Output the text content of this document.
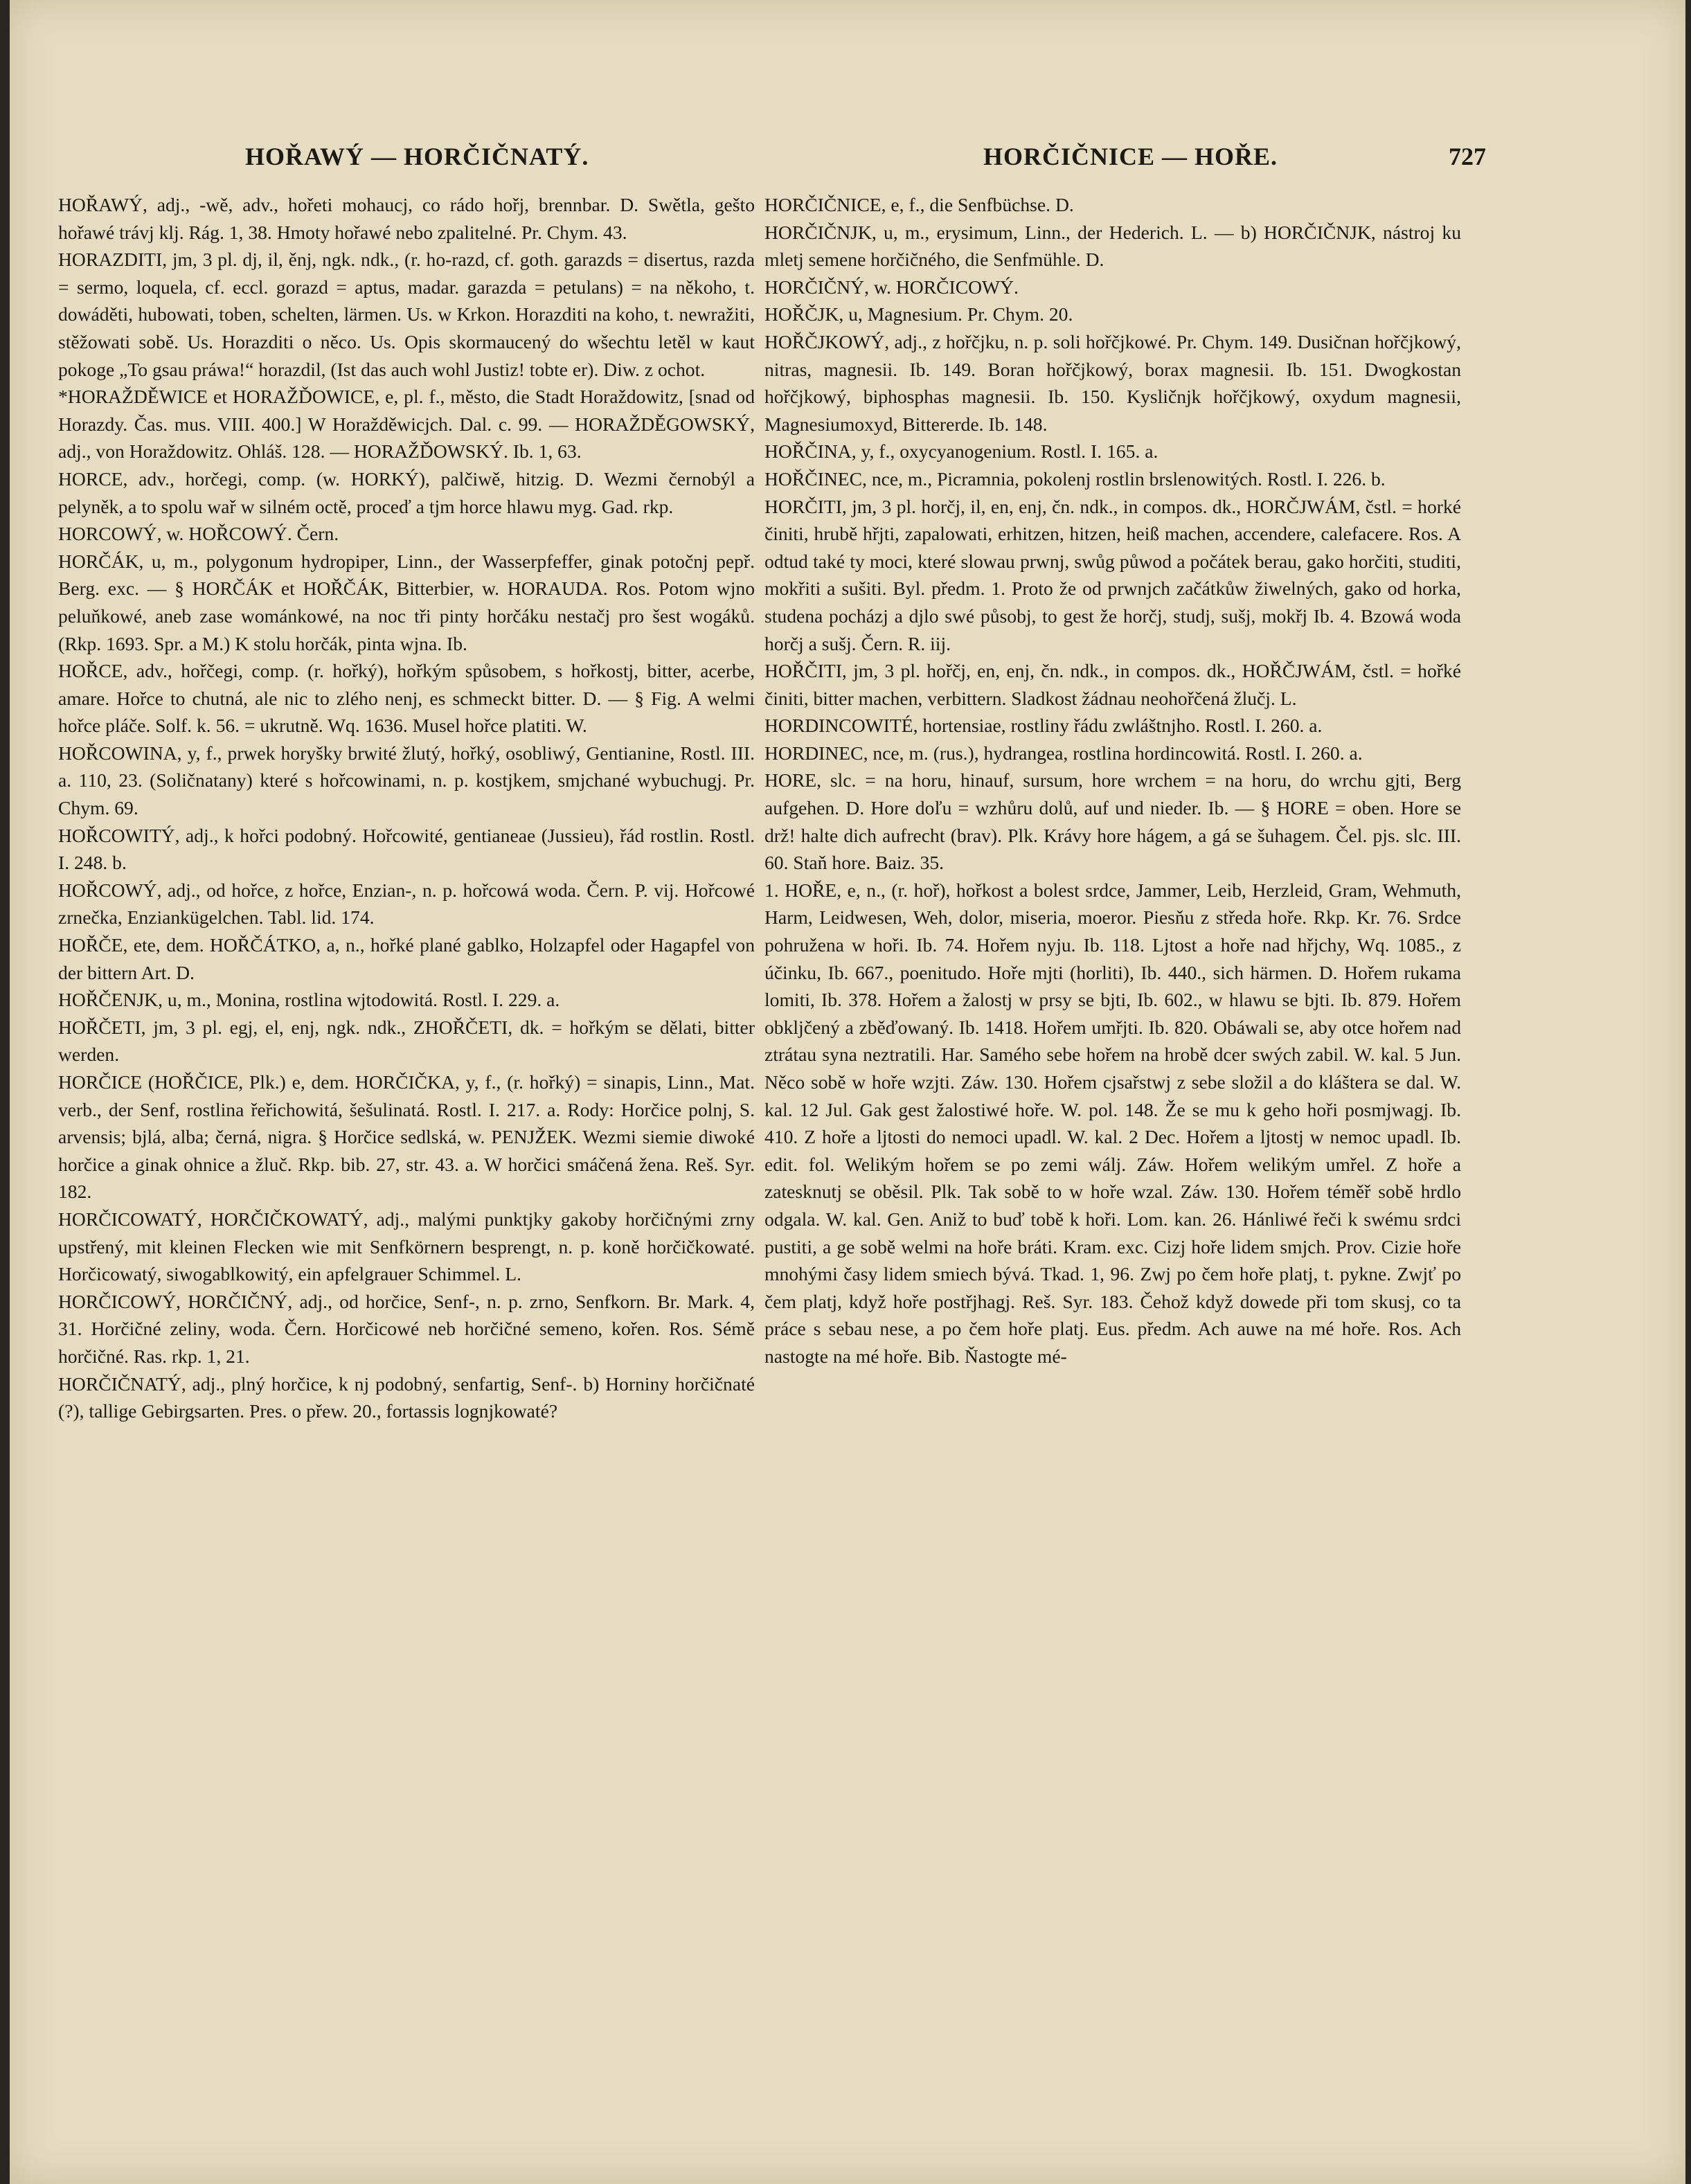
HOŘAWÝ — HORČIČNATÝ.	HORČIČNICE — HOŘE.	727

HOŘAWÝ, adj., -wě, adv., hořeti mohaucj, co rádo hořj, brennbar. D. Swětla, gešto hořawé trávj klj. Rág. 1, 38. Hmoty hořawé nebo zpalitelné. Pr. Chym. 43.

HORAZDITI, jm, 3 pl. dj, il, ěnj, ngk. ndk., (r. ho-razd, cf. goth. garazds = disertus, razda = sermo, loquela, cf. eccl. gorazd = aptus, madar. garazda = petulans) = na někoho, t. dowáděti, hubowati, toben, schelten, lärmen. Us. w Krkon. Horazditi na koho, t. newražiti, stěžowati sobě. Us. Horazditi o něco. Us. Opis skormaucený do wšechtu letěl w kaut pokoge „To gsau práwa!“ horazdil, (Ist das auch wohl Justiz! tobte er). Diw. z ochot.

*HORAŽDĚWICE et HORAŽĎOWICE, e, pl. f., město, die Stadt Horaždowitz, [snad od Horazdy. Čas. mus. VIII. 400.] W Horažděwicjch. Dal. c. 99. — HORAŽDĚGOWSKÝ, adj., von Horaždowitz. Ohláš. 128. — HORAŽĎOWSKÝ. Ib. 1, 63.

HORCE, adv., horčegi, comp. (w. HORKÝ), palčiwě, hitzig. D. Wezmi černobýl a pelyněk, a to spolu wař w silném octě, proceď a tjm horce hlawu myg. Gad. rkp.

HORCOWÝ, w. HOŘCOWÝ. Čern.

HORČÁK, u, m., polygonum hydropiper, Linn., der Wasserpfeffer, ginak potočnj pepř. Berg. exc. — § HORČÁK et HOŘČÁK, Bitterbier, w. HORAUDA. Ros. Potom wjno peluňkowé, aneb zase wománkowé, na noc tři pinty horčáku nestačj pro šest wogáků. (Rkp. 1693. Spr. a M.) K stolu horčák, pinta wjna. Ib.

HOŘCE, adv., hořčegi, comp. (r. hořký), hořkým spůsobem, s hořkostj, bitter, acerbe, amare. Hořce to chutná, ale nic to zlého nenj, es schmeckt bitter. D. — § Fig. A welmi hořce pláče. Solf. k. 56. = ukrutně. Wq. 1636. Musel hořce platiti. W.

HOŘCOWINA, y, f., prwek horyšky brwité žlutý, hořký, osobliwý, Gentianine, Rostl. III. a. 110, 23. (Soličnatany) které s hořcowinami, n. p. kostjkem, smjchané wybuchugj. Pr. Chym. 69.

HOŘCOWITÝ, adj., k hořci podobný. Hořcowité, gentianeae (Jussieu), řád rostlin. Rostl. I. 248. b.

HOŘCOWÝ, adj., od hořce, z hořce, Enzian-, n. p. hořcowá woda. Čern. P. vij. Hořcowé zrnečka, Enziankügelchen. Tabl. lid. 174.

HOŘČE, ete, dem. HOŘČÁTKO, a, n., hořké plané gablko, Holzapfel oder Hagapfel von der bittern Art. D.

HOŘČENJK, u, m., Monina, rostlina wjtodowitá. Rostl. I. 229. a.

HOŘČETI, jm, 3 pl. egj, el, enj, ngk. ndk., ZHOŘČETI, dk. = hořkým se dělati, bitter werden.

HORČICE (HOŘČICE, Plk.) e, dem. HORČIČKA, y, f., (r. hořký) = sinapis, Linn., Mat. verb., der Senf, rostlina řeřichowitá, šešulinatá. Rostl. I. 217. a. Rody: Horčice polnj, S. arvensis; bjlá, alba; černá, nigra. § Horčice sedlská, w. PENJŽEK. Wezmi siemie diwoké horčice a ginak ohnice a žluč. Rkp. bib. 27, str. 43. a. W horčici smáčená žena. Reš. Syr. 182.

HORČICOWATÝ, HORČIČKOWATÝ, adj., malými punktjky gakoby horčičnými zrny upstřený, mit kleinen Flecken wie mit Senfkörnern besprengt, n. p. koně horčičkowaté. Horčicowatý, siwogablkowitý, ein apfelgrauer Schimmel. L.

HORČICOWÝ, HORČIČNÝ, adj., od horčice, Senf-, n. p. zrno, Senfkorn. Br. Mark. 4, 31. Horčičné zeliny, woda. Čern. Horčicowé neb horčičné semeno, kořen. Ros. Sémě horčičné. Ras. rkp. 1, 21.

HORČIČNATÝ, adj., plný horčice, k nj podobný, senfartig, Senf-. b) Horniny horčičnaté (?), tallige Gebirgsarten. Pres. o přew. 20., fortassis lognjkowaté?

HORČIČNICE, e, f., die Senfbüchse. D.

HORČIČNJK, u, m., erysimum, Linn., der Hederich. L. — b) HORČIČNJK, nástroj ku mletj semene horčičného, die Senfmühle. D.

HORČIČNÝ, w. HORČICOWÝ.

HOŘČJK, u, Magnesium. Pr. Chym. 20.

HOŘČJKOWÝ, adj., z hořčjku, n. p. soli hořčjkowé. Pr. Chym. 149. Dusičnan hořčjkowý, nitras, magnesii. Ib. 149. Boran hořčjkowý, borax magnesii. Ib. 151. Dwogkostan hořčjkowý, biphosphas magnesii. Ib. 150. Kysličnjk hořčjkowý, oxydum magnesii, Magnesiumoxyd, Bittererde. Ib. 148.

HOŘČINA, y, f., oxycyanogenium. Rostl. I. 165. a.

HOŘČINEC, nce, m., Picramnia, pokolenj rostlin brslenowitých. Rostl. I. 226. b.

HORČITI, jm, 3 pl. horčj, il, en, enj, čn. ndk., in compos. dk., HORČJWÁM, čstl. = horké činiti, hrubě hřjti, zapalowati, erhitzen, hitzen, heiß machen, accendere, calefacere. Ros. A odtud také ty moci, které slowau prwnj, swůg půwod a počátek berau, gako horčiti, studiti, mokřiti a sušiti. Byl. předm. 1. Proto že od prwnjch začátkůw žiwelných, gako od horka, studena pocházj a djlo swé působj, to gest že horčj, studj, sušj, mokřj Ib. 4. Bzowá woda horčj a sušj. Čern. R. iij.

HOŘČITI, jm, 3 pl. hořčj, en, enj, čn. ndk., in compos. dk., HOŘČJWÁM, čstl. = hořké činiti, bitter machen, verbittern. Sladkost žádnau neohořčená žlučj. L.

HORDINCOWITÉ, hortensiae, rostliny řádu zwláštnjho. Rostl. I. 260. a.

HORDINEC, nce, m. (rus.), hydrangea, rostlina hordincowitá. Rostl. I. 260. a.

HORE, slc. = na horu, hinauf, sursum, hore wrchem = na horu, do wrchu gjti, Berg aufgehen. D. Hore doľu = wzhůru dolů, auf und nieder. Ib. — § HORE = oben. Hore se drž! halte dich aufrecht (brav). Plk. Krávy hore hágem, a gá se šuhagem. Čel. pjs. slc. III. 60. Staň hore. Baiz. 35.

1. HOŘE, e, n., (r. hoř), hořkost a bolest srdce, Jammer, Leib, Herzleid, Gram, Wehmuth, Harm, Leidwesen, Weh, dolor, miseria, moeror. Piesňu z středa hoře. Rkp. Kr. 76. Srdce pohružena w hoři. Ib. 74. Hořem nyju. Ib. 118. Ljtost a hoře nad hřjchy, Wq. 1085., z účinku, Ib. 667., poenitudo. Hoře mjti (horliti), Ib. 440., sich härmen. D. Hořem rukama lomiti, Ib. 378. Hořem a žalostj w prsy se bjti, Ib. 602., w hlawu se bjti. Ib. 879. Hořem obkljčený a zběďowaný. Ib. 1418. Hořem umřjti. Ib. 820. Obáwali se, aby otce hořem nad ztrátau syna neztratili. Har. Samého sebe hořem na hrobě dcer swých zabil. W. kal. 5 Jun. Něco sobě w hoře wzjti. Záw. 130. Hořem cjsařstwj z sebe složil a do kláštera se dal. W. kal. 12 Jul. Gak gest žalostiwé hoře. W. pol. 148. Že se mu k geho hoři posmjwagj. Ib. 410. Z hoře a ljtosti do nemoci upadl. W. kal. 2 Dec. Hořem a ljtostj w nemoc upadl. Ib. edit. fol. Welikým hořem se po zemi wálj. Záw. Hořem welikým umřel. Z hoře a zatesknutj se oběsil. Plk. Tak sobě to w hoře wzal. Záw. 130. Hořem téměř sobě hrdlo odgala. W. kal. Gen. Aniž to buď tobě k hoři. Lom. kan. 26. Hánliwé řeči k swému srdci pustiti, a ge sobě welmi na hoře bráti. Kram. exc. Cizj hoře lidem smjch. Prov. Cizie hoře mnohými časy lidem smiech bývá. Tkad. 1, 96. Zwj po čem hoře platj, t. pykne. Zwjť po čem platj, když hoře postřjhagj. Reš. Syr. 183. Čehož když dowede při tom skusj, co ta práce s sebau nese, a po čem hoře platj. Eus. předm. Ach auwe na mé hoře. Ros. Ach nastogte na mé hoře. Bib. Ňastogte mé-
